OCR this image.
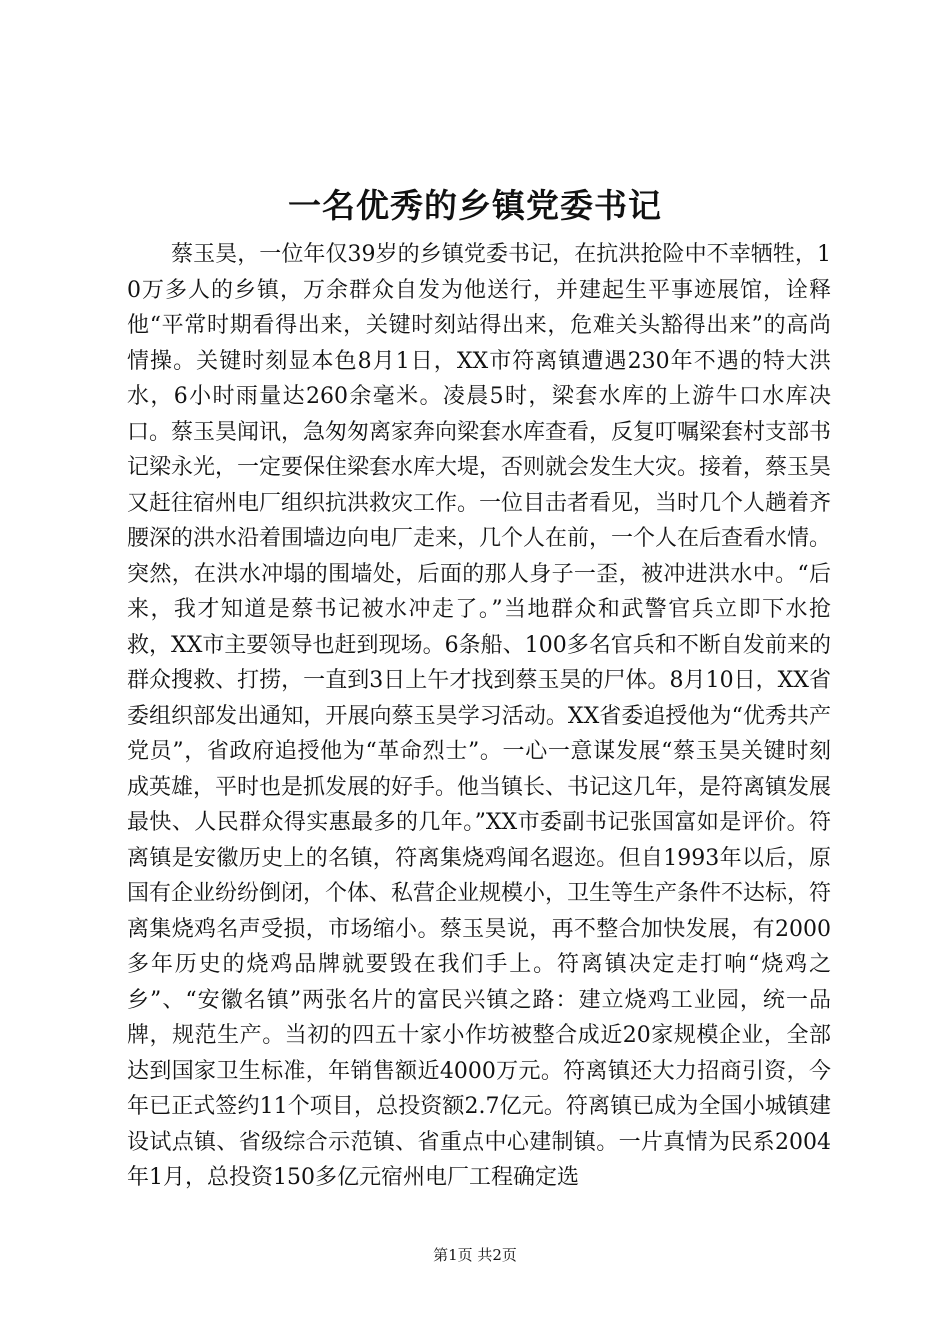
一名优秀的乡镇党委书记

蔡玉昊，一位年仅39岁的乡镇党委书记，在抗洪抢险中不幸牺牲，10万多人的乡镇，万余群众自发为他送行，并建起生平事迹展馆，诠释他“平常时期看得出来，关键时刻站得出来，危难关头豁得出来”的高尚情操。关键时刻显本色8月1日，XX市符离镇遭遇230年不遇的特大洪水，6小时雨量达260余毫米。凌晨5时，梁套水库的上游牛口水库决口。蔡玉昊闻讯，急匆匆离家奔向梁套水库查看，反复叮嘱梁套村支部书记梁永光，一定要保住梁套水库大堤，否则就会发生大灾。接着，蔡玉昊又赶往宿州电厂组织抗洪救灾工作。一位目击者看见，当时几个人趟着齐腰深的洪水沿着围墙边向电厂走来，几个人在前，一个人在后查看水情。突然，在洪水冲塌的围墙处，后面的那人身子一歪，被冲进洪水中。“后来，我才知道是蔡书记被水冲走了。”当地群众和武警官兵立即下水抢救，XX市主要领导也赶到现场。6条船、100多名官兵和不断自发前来的群众搜救、打捞，一直到3日上午才找到蔡玉昊的尸体。8月10日，XX省委组织部发出通知，开展向蔡玉昊学习活动。XX省委追授他为“优秀共产党员”，省政府追授他为“革命烈士”。一心一意谋发展“蔡玉昊关键时刻成英雄，平时也是抓发展的好手。他当镇长、书记这几年，是符离镇发展最快、人民群众得实惠最多的几年。”XX市委副书记张国富如是评价。符离镇是安徽历史上的名镇，符离集烧鸡闻名遐迩。但自1993年以后，原国有企业纷纷倒闭，个体、私营企业规模小，卫生等生产条件不达标，符离集烧鸡名声受损，市场缩小。蔡玉昊说，再不整合加快发展，有2000多年历史的烧鸡品牌就要毁在我们手上。符离镇决定走打响“烧鸡之乡”、“安徽名镇”两张名片的富民兴镇之路：建立烧鸡工业园，统一品牌，规范生产。当初的四五十家小作坊被整合成近20家规模企业，全部达到国家卫生标准，年销售额近4000万元。符离镇还大力招商引资，今年已正式签约11个项目，总投资额2.7亿元。符离镇已成为全国小城镇建设试点镇、省级综合示范镇、省重点中心建制镇。一片真情为民系2004年1月，总投资150多亿元宿州电厂工程确定选

第1页 共2页
